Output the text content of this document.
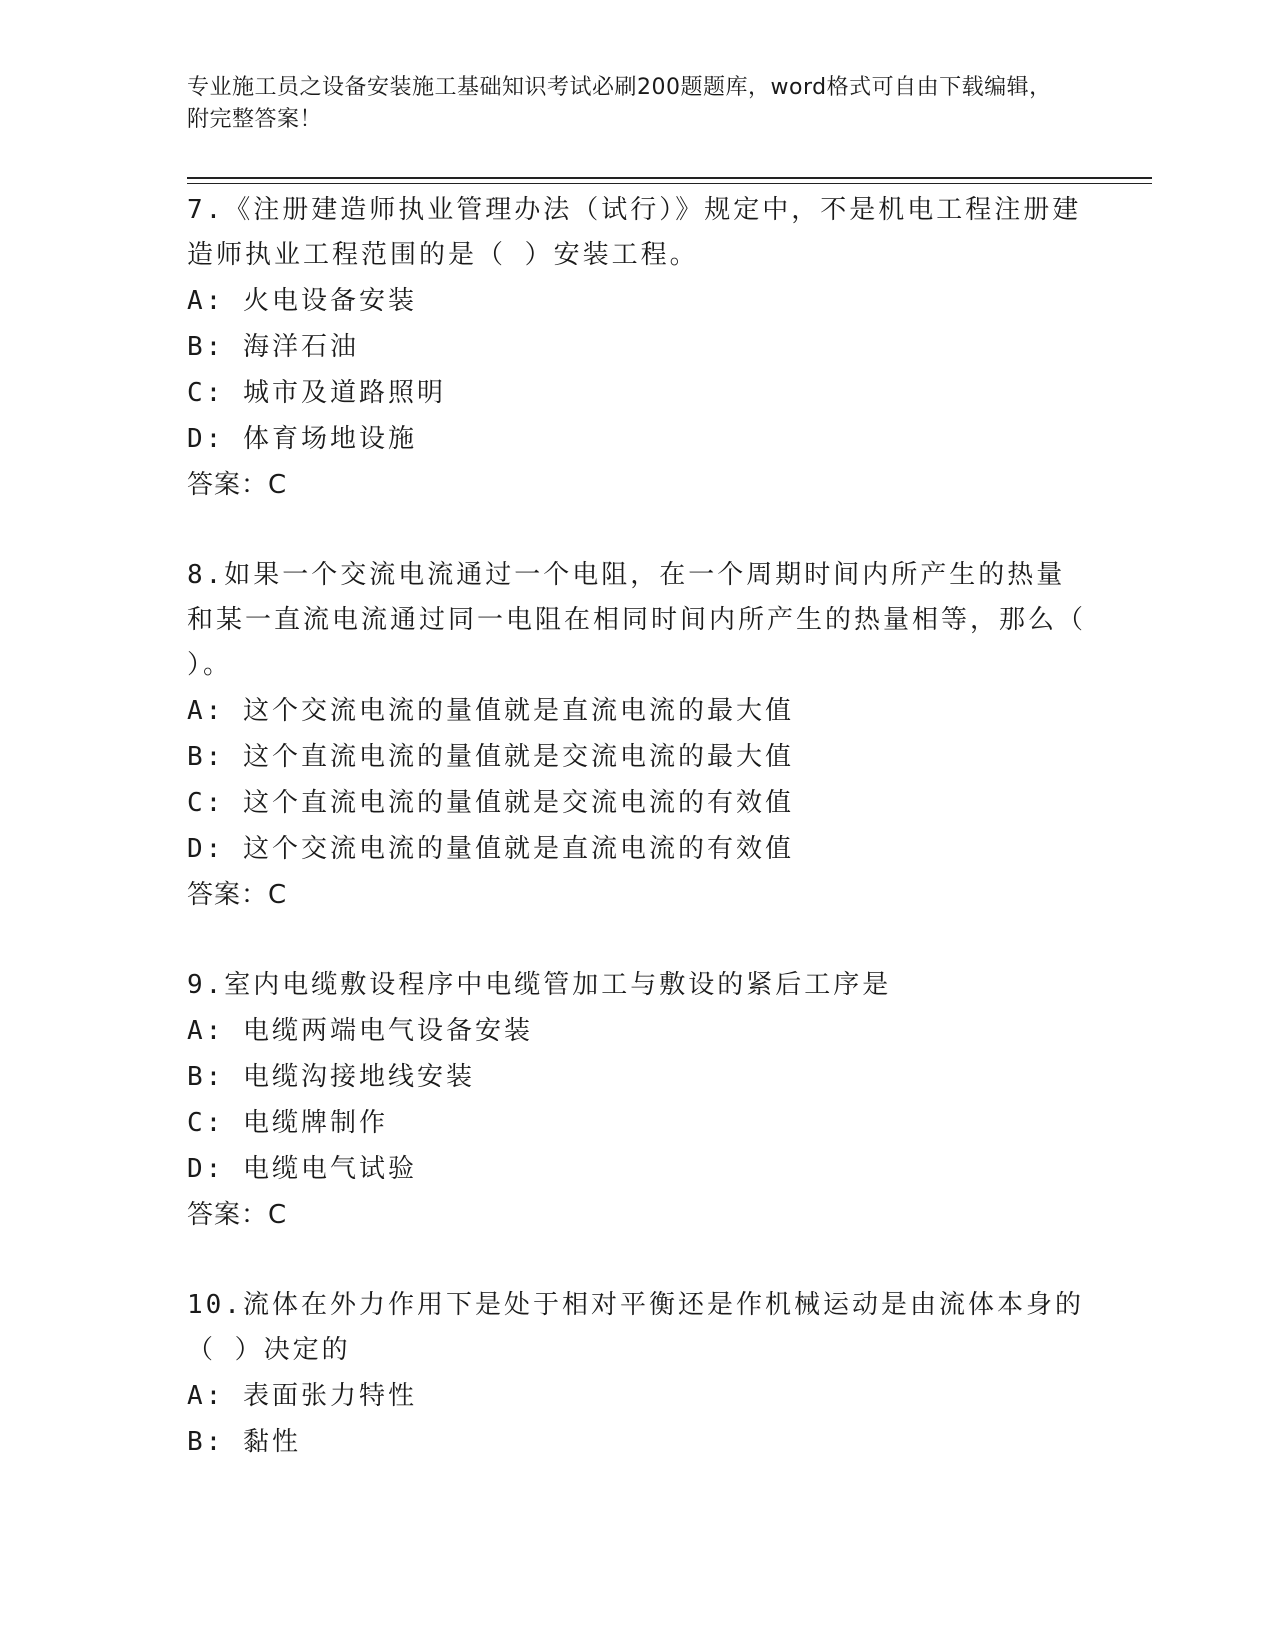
专业施工员之设备安装施工基础知识考试必刷200题题库，word格式可自由下载编辑，附完整答案！
7.《注册建造师执业管理办法（试行）》规定中，不是机电工程注册建造师执业工程范围的是（ ）安装工程。
A: 火电设备安装
B: 海洋石油
C: 城市及道路照明
D: 体育场地设施
答案：C
8.如果一个交流电流通过一个电阻，在一个周期时间内所产生的热量和某一直流电流通过同一电阻在相同时间内所产生的热量相等，那么（ ）。
A: 这个交流电流的量值就是直流电流的最大值
B: 这个直流电流的量值就是交流电流的最大值
C: 这个直流电流的量值就是交流电流的有效值
D: 这个交流电流的量值就是直流电流的有效值
答案：C
9.室内电缆敷设程序中电缆管加工与敷设的紧后工序是
A: 电缆两端电气设备安装
B: 电缆沟接地线安装
C: 电缆牌制作
D: 电缆电气试验
答案：C
10.流体在外力作用下是处于相对平衡还是作机械运动是由流体本身的（ ）决定的
A: 表面张力特性
B: 黏性
